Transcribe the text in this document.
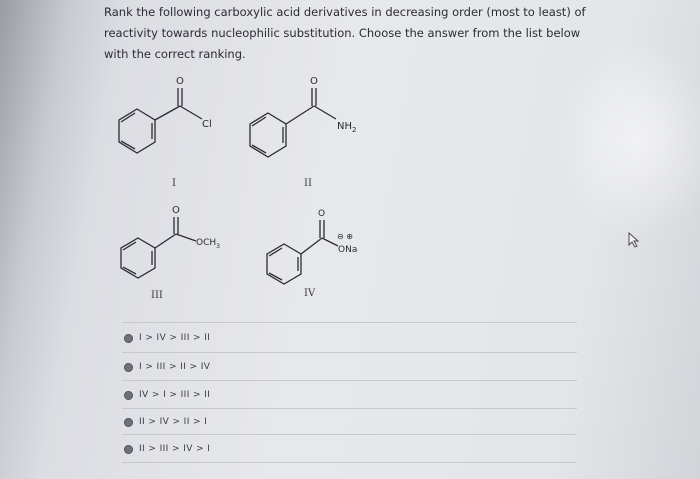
Rank the following carboxylic acid derivatives in decreasing order (most to least) of
reactivity towards nucleophilic substitution. Choose the answer from the list below
with the correct ranking.
O
Cl
O
$NH_2$
I	II
O
$OCH_3$
O
⊖ ⊕
ONa
III	IV
I > IV > III > II
I > III > II > IV
IV > I > III > II
II > IV > II > I
II > III > IV > I
